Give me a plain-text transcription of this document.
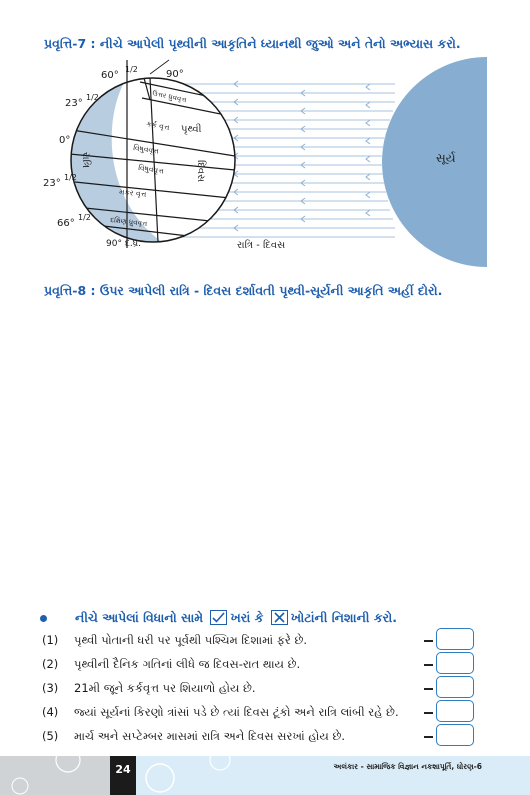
પ્રવૃત્તિ-7 : નીચે આપેલી પૃથ્વીની આકૃતિને ધ્યાનથી જુઓ અને તેનો અભ્યાસ કરો.
60°
1/2	90°
23°
1/2
0°
23°
1/2
66°
1/2
90° દ.ધ્ર.
ઉત્તર ધ્રુવવૃત્ત
કર્ક વૃત્ત પૃથ્વી
વિષુવવૃત્ત
વિષુવવૃત્ત
મકર વૃત્ત
દક્ષિણ ધ્રુવવૃત્ત
રાત્રિ	દિવસ
સૂર્ય
રાત્રિ - દિવસ
પ્રવૃત્તિ-8 : ઉપર આપેલી રાત્રિ - દિવસ દર્શાવતી પૃથ્વી-સૂર્યની આકૃતિ અહીં દોરો.
નીચે આપેલાં વિધાનો સામે ખરાં કે ખોટાંની નિશાની કરો.
(1) પૃથ્વી પોતાની ધરી પર પૂર્વથી પશ્ચિમ દિશામાં ફરે છે.
(2) પૃથ્વીની દૈનિક ગતિનાં લીધે જ દિવસ-રાત થાય છે.
(3) 21મી જૂને કર્કવૃત્ત પર શિયાળો હોય છે.
(4) જ્યાં સૂર્યનાં કિરણો ત્રાંસાં પડે છે ત્યાં દિવસ ટૂંકો અને રાત્રિ લાંબી રહે છે.
(5) માર્ચ અને સપ્ટેમ્બર માસમાં રાત્રિ અને દિવસ સરખાં હોય છે.
24	અલંકાર - સામાજિક વિજ્ઞાન નકશાપૂર્તિ, ધોરણ-6
